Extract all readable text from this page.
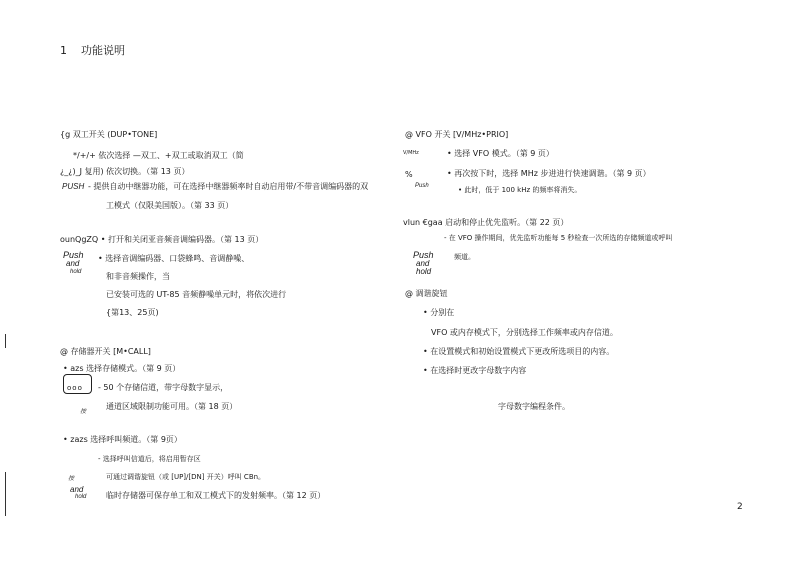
1 功能说明
{g 双工开关 (DUP•TONE]
*/+/+ 依次选择 —双工、+双工或取消双工（简
¿_¿)_J 复用) 依次切换。（第 13 页）
PUSH - 提供自动中继器功能，可在选择中继器频率时自动启用带/不带音调编码器的双
工模式（仅限美国版）。（第 33 页）
ounQgZQ • 打开和关闭亚音频音调编码器。（第 13 页）
Push
and
hold
• 选择音调编码器、口袋蜂鸣、音调静噪、
和非音频操作，当
已安装可选的 UT-85 音频静噪单元时，将依次进行
{第13、25页)
@ 存储器开关 [M•CALL]
• azs 选择存储模式。（第 9 页）
ooo - 50 个存储信道，带字母数字显示，
按
通道区域限制功能可用。（第 18 页）
• zazs 选择呼叫频道。（第 9页）
- 选择呼叫信道后，将启用暂存区
按	可通过调谐旋钮（或 [UP]/[DN] 开关）呼叫 CBn。
and
hold 临时存储器可保存单工和双工模式下的发射频率。（第 12 页）
@ VFO 开关 [V/MHz•PRIO]
V/MHz	• 选择 VFO 模式。（第 9 页）
%	• 再次按下时，选择 MHz 步进进行快速调谐。（第 9 页）
Push	• 此时，低于 100 kHz 的频率将消失。
vlun €gaa 启动和停止优先监听。（第 22 页）
- 在 VFO 操作期间，优先监听功能每 5 秒检查一次所选的存储频道或呼叫
Push
and
hold
频道。
@ 调谐旋钮
• 分别在
VFO 或内存模式下，分别选择工作频率或内存信道。
• 在设置模式和初始设置模式下更改所选项目的内容。
• 在选择时更改字母数字内容
字母数字编程条件。
2
